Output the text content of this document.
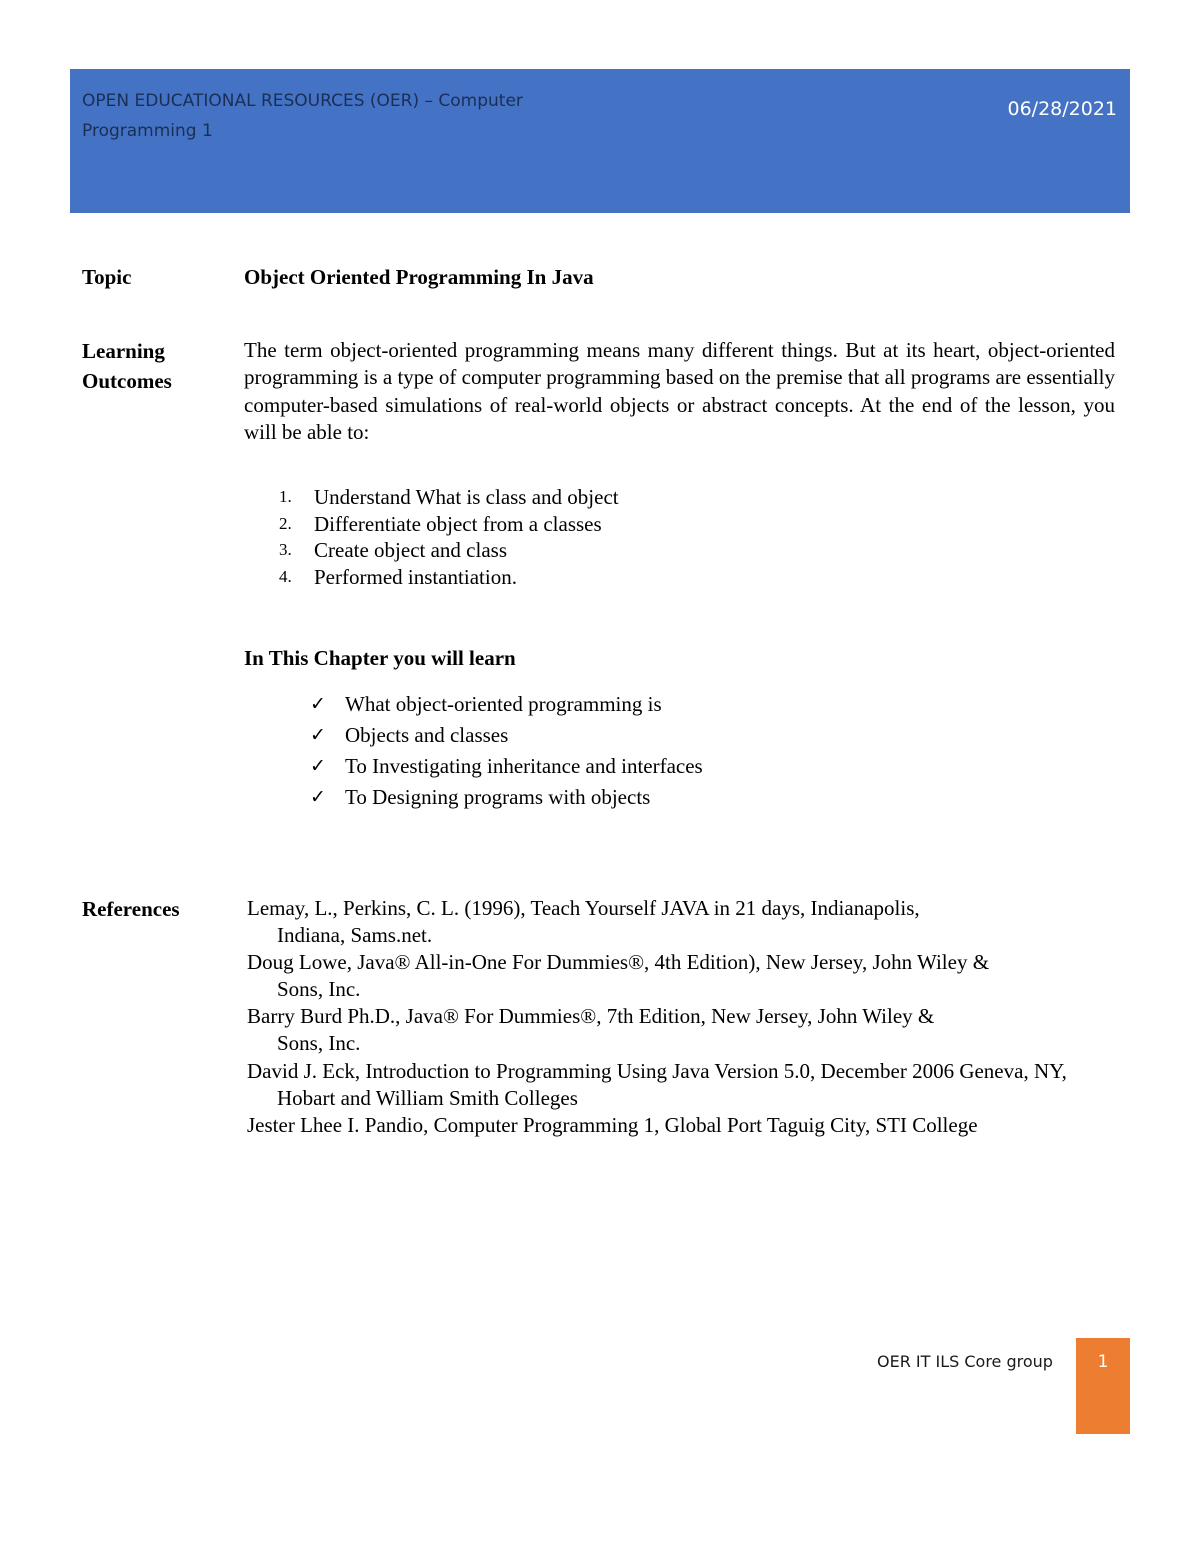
OPEN EDUCATIONAL RESOURCES (OER) – Computer
Programming 1
06/28/2021
Topic	Object Oriented Programming In Java
Learning
Outcomes

The term object-oriented programming means many different things. But at its heart, object-oriented programming is a type of computer programming based on the premise that all programs are essentially computer-based simulations of real-world objects or abstract concepts. At the end of the lesson, you will be able to:

1. Understand What is class and object
2. Differentiate object from a classes
3. Create object and class
4. Performed instantiation.
In This Chapter you will learn
✓ What object-oriented programming is
✓ Objects and classes
✓ To Investigating inheritance and interfaces
✓ To Designing programs with objects
References	Lemay, L., Perkins, C. L. (1996), Teach Yourself JAVA in 21 days, Indianapolis, Indiana, Sams.net.
Doug Lowe, Java® All-in-One For Dummies®, 4th Edition), New Jersey, John Wiley & Sons, Inc.
Barry Burd Ph.D., Java® For Dummies®, 7th Edition, New Jersey, John Wiley & Sons, Inc.
David J. Eck, Introduction to Programming Using Java Version 5.0, December 2006 Geneva, NY, Hobart and William Smith Colleges
Jester Lhee I. Pandio, Computer Programming 1, Global Port Taguig City, STI College
OER IT ILS Core group	1
